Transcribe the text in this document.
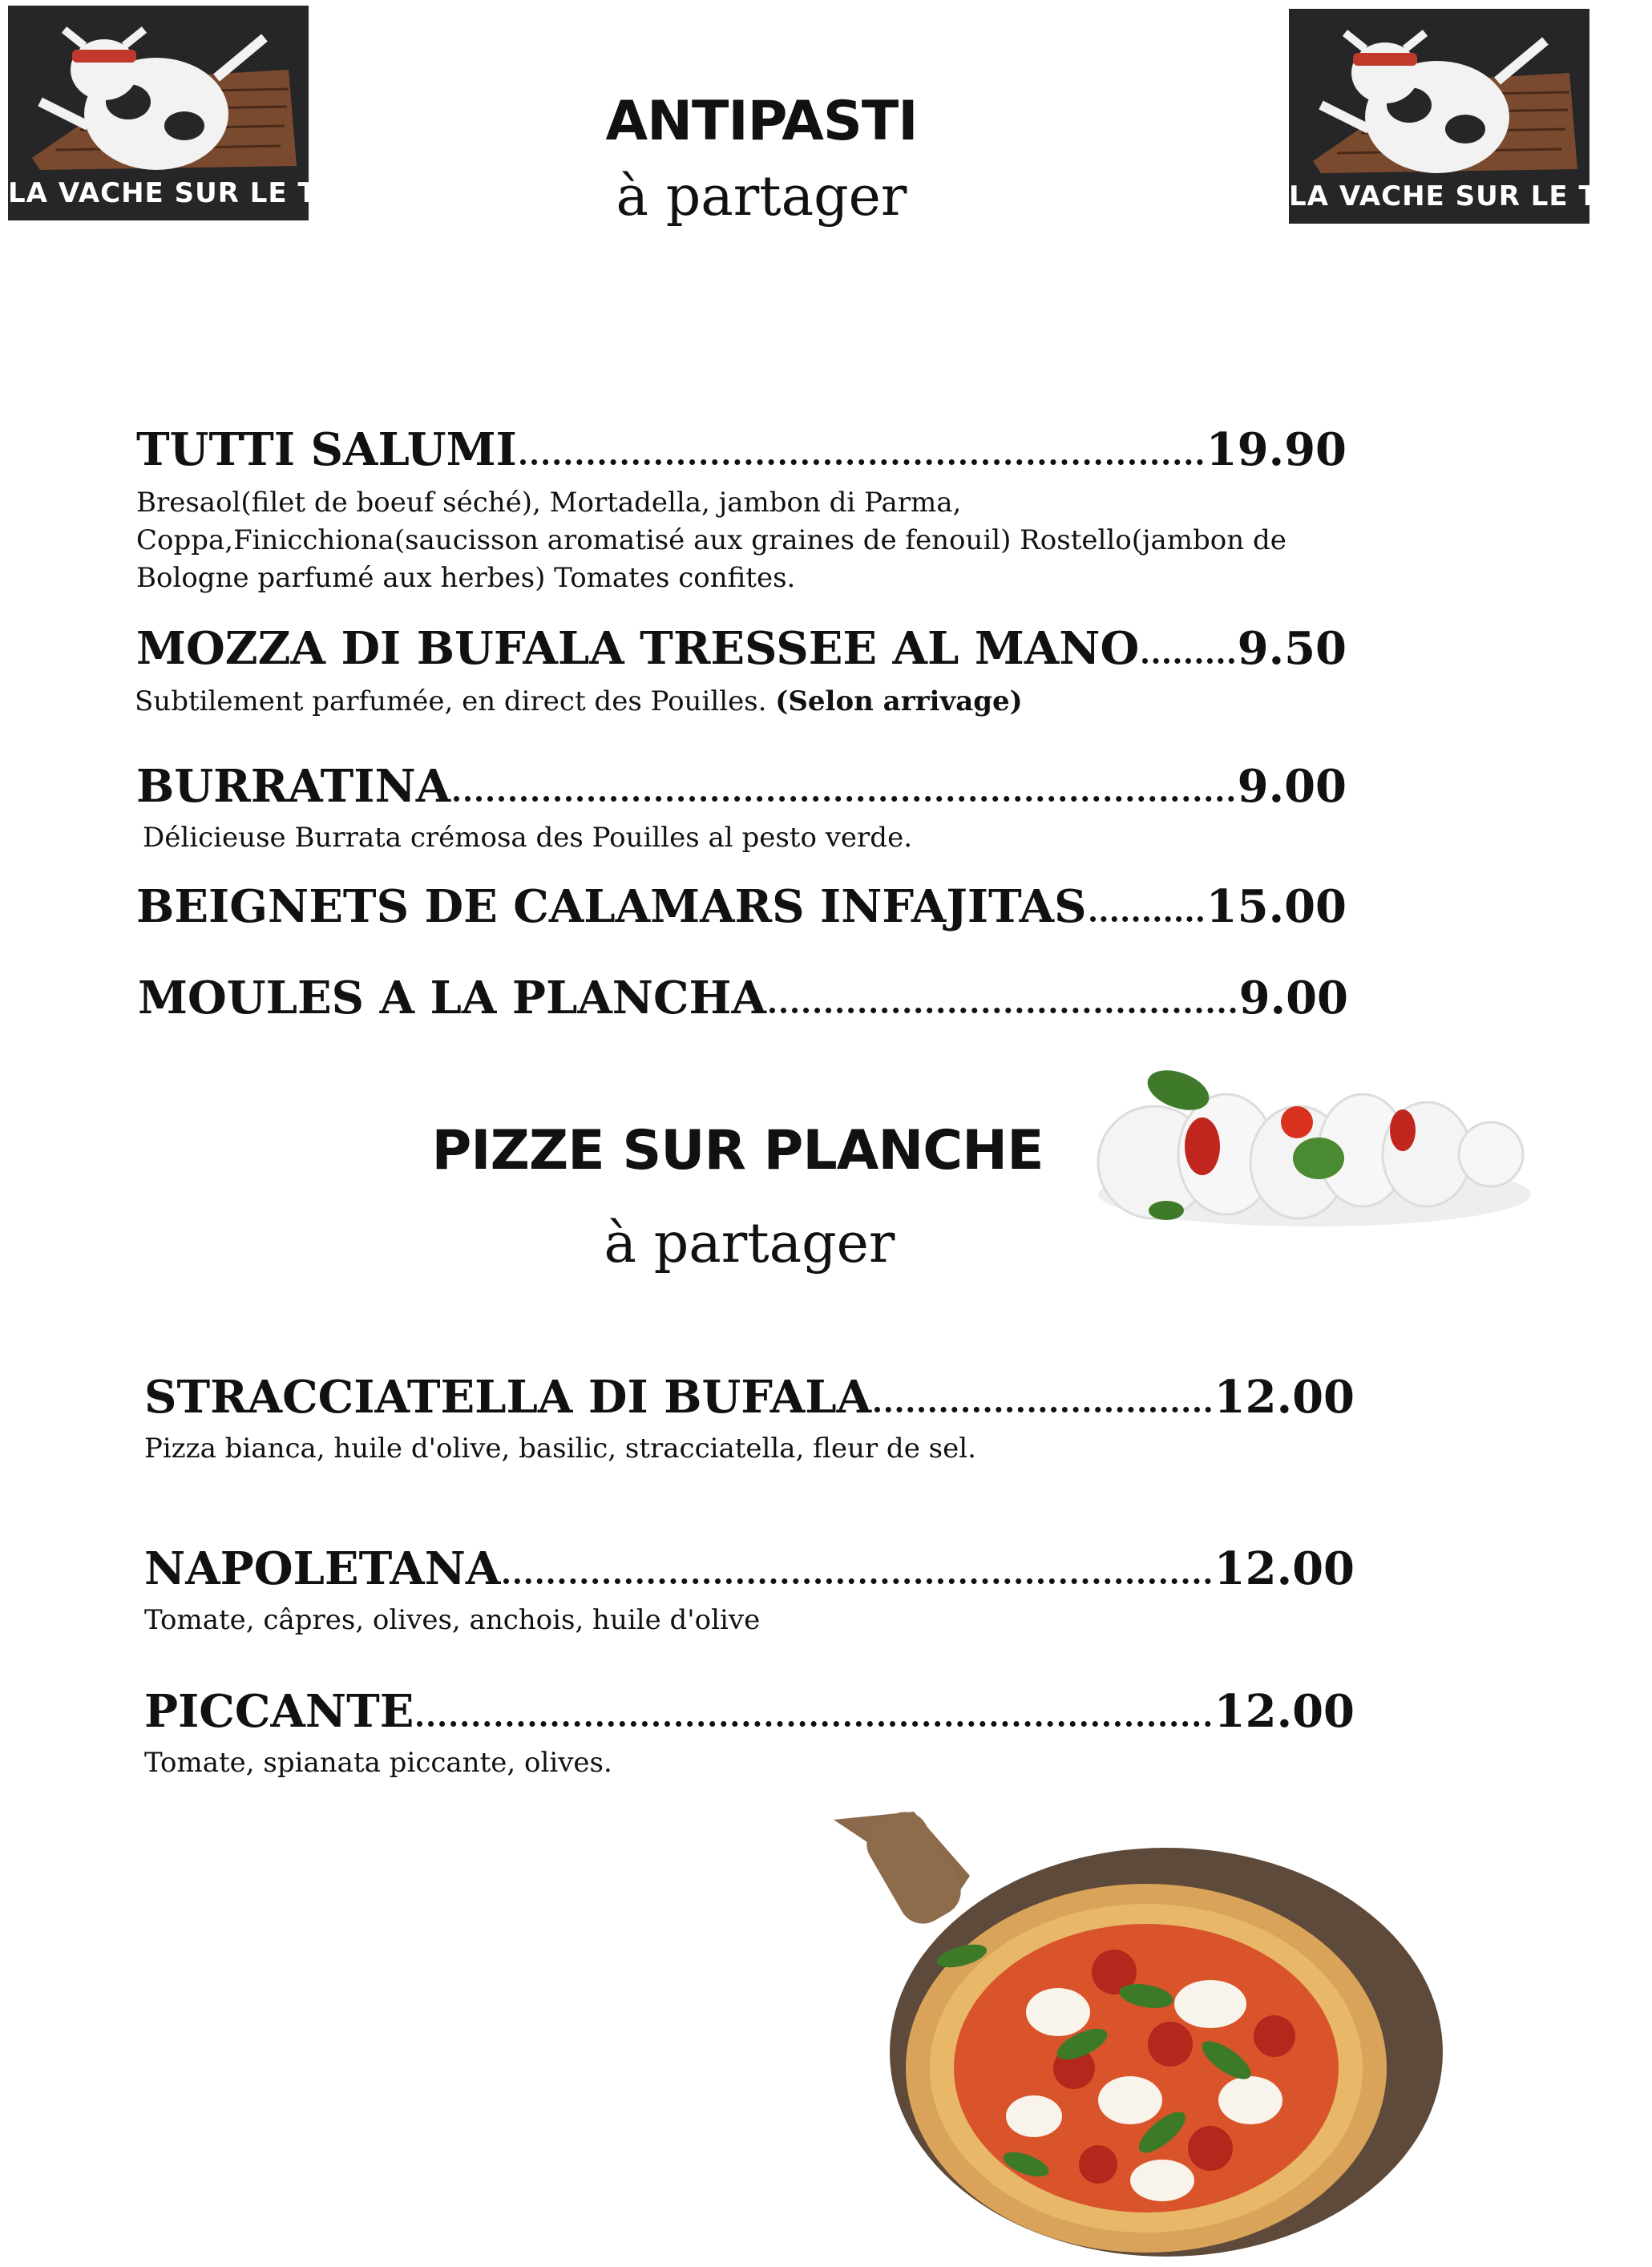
LA VACHE SUR LE TOIT	LA VACHE SUR LE TOIT
ANTIPASTI
à partager
TUTTI SALUMI	19.90
Bresaol(filet de boeuf séché), Mortadella, jambon di Parma,
Coppa,Finicchiona(saucisson aromatisé aux graines de fenouil) Rostello(jambon de
Bologne parfumé aux herbes) Tomates confites.
MOZZA DI BUFALA TRESSEE AL MANO 9.50
Subtilement parfumée, en direct des Pouilles. (Selon arrivage)
BURRATINA	9.00
Délicieuse Burrata crémosa des Pouilles al pesto verde.
BEIGNETS DE CALAMARS INFAJITAS	15.00
MOULES A LA PLANCHA	9.00
PIZZE SUR PLANCHE
à partager
STRACCIATELLA DI BUFALA	12.00
Pizza bianca, huile d'olive, basilic, stracciatella, fleur de sel.
NAPOLETANA	12.00
Tomate, câpres, olives, anchois, huile d'olive
PICCANTE	12.00
Tomate, spianata piccante, olives.
